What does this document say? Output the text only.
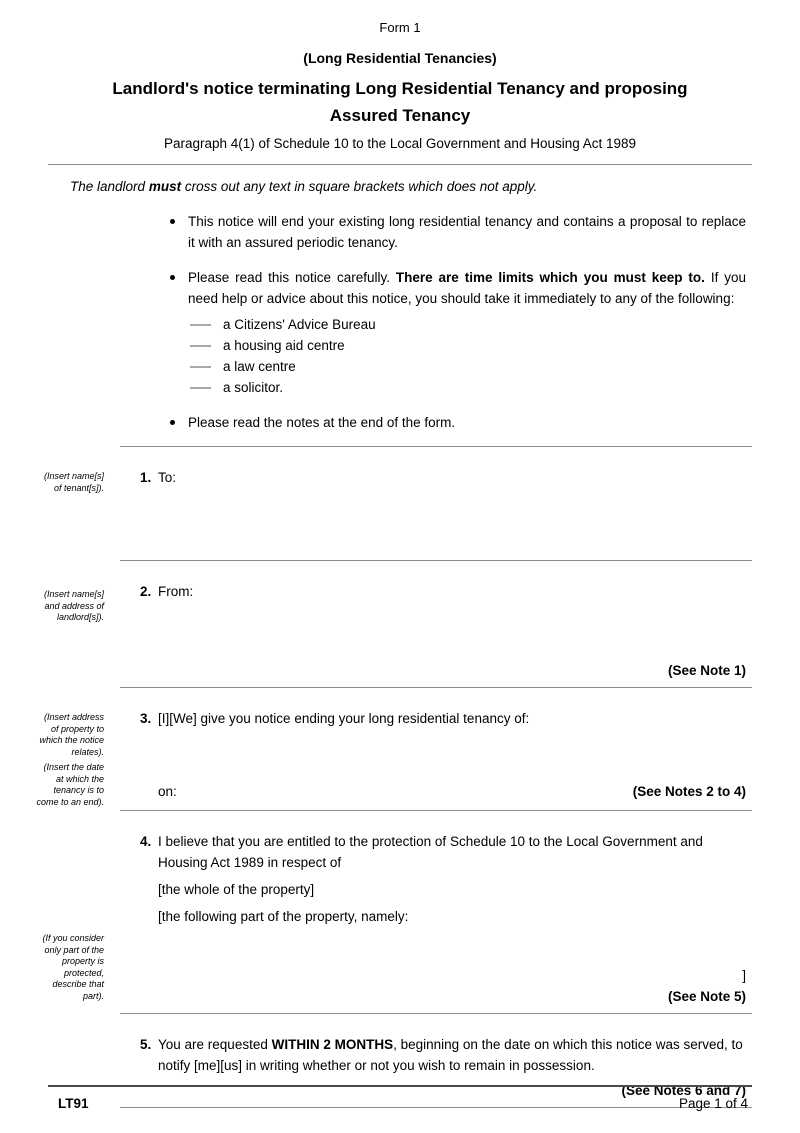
Form 1
(Long Residential Tenancies)
Landlord's notice terminating Long Residential Tenancy and proposing
Assured Tenancy
Paragraph 4(1) of Schedule 10 to the Local Government and Housing Act 1989

The landlord must cross out any text in square brackets which does not apply.

This notice will end your existing long residential tenancy and contains a proposal to replace it with an assured periodic tenancy.

Please read this notice carefully. There are time limits which you must keep to. If you need help or advice about this notice, you should take it immediately to any of the following:

a Citizens' Advice Bureau
a housing aid centre
a law centre
a solicitor.

Please read the notes at the end of the form.

(Insert name[s] of tenant[s]).
1. To:
(Insert name[s] and address of landlord[s]).
2. From:
(See Note 1)
(Insert address of property to which the notice relates).
(Insert the date at which the tenancy is to come to an end).
3. [I][We] give you notice ending your long residential tenancy of:
on:	(See Notes 2 to 4)
(If you consider only part of the property is protected, describe that part).
4. I believe that you are entitled to the protection of Schedule 10 to the Local Government and Housing Act 1989 in respect of

[the whole of the property]

[the following part of the property, namely:

]
(See Note 5)
5. You are requested WITHIN 2 MONTHS, beginning on the date on which this notice was served, to notify [me][us] in writing whether or not you wish to remain in possession.
(See Notes 6 and 7)
LT91	Page 1 of 4
